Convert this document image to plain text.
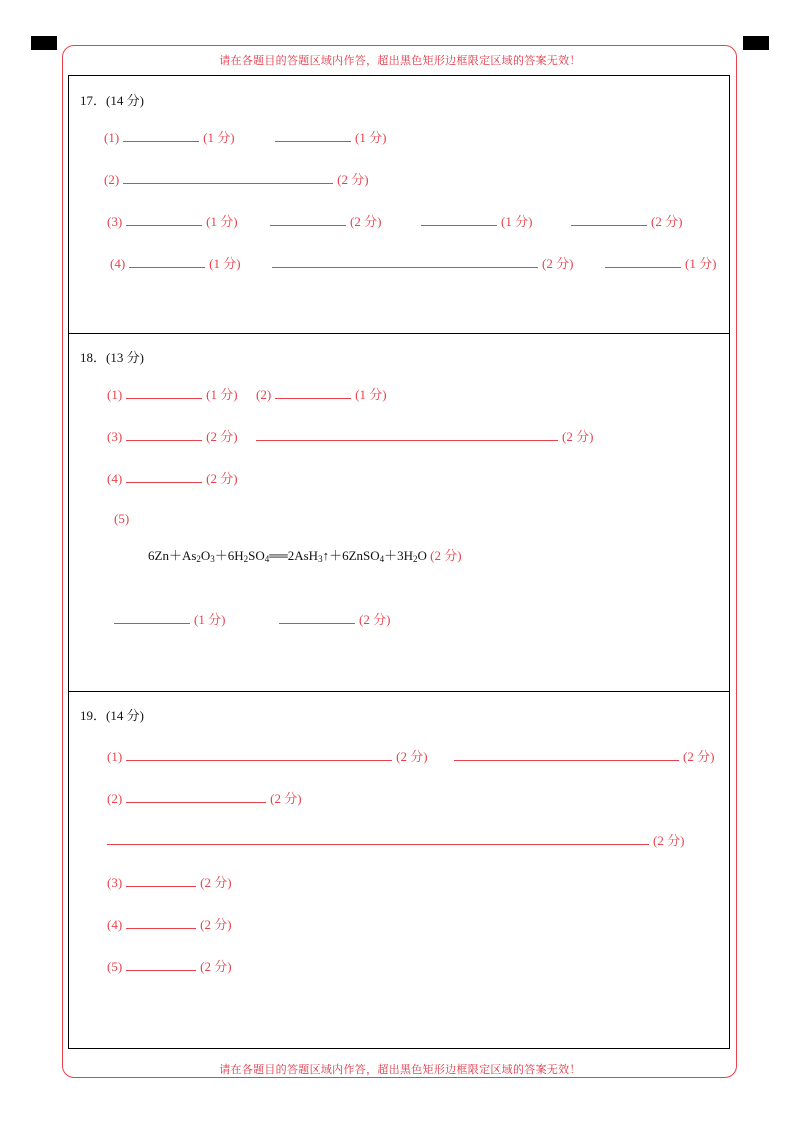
请在各题目的答题区域内作答，超出黑色矩形边框限定区域的答案无效！
请在各题目的答题区域内作答，超出黑色矩形边框限定区域的答案无效！
17．(14 分)
(1)	(1 分)	(1 分)
(2)	(2 分)
(3)	(1 分)	(2 分)	(1 分)	(2 分)
(4)	(1 分)	(2 分)	(1 分)
18．(13 分)
(1)	(1 分) (2)	(1 分)
(3)	(2 分)	(2 分)
(4)	(2 分)
(5)
$6Zn+As_2O_3+6H_2SO_4══2AsH_3↑+6ZnSO_4+3H_2O$ (2 分)
(1 分)	(2 分)
19．(14 分)
(1)	(2 分)	(2 分)
(2)	(2 分)
(2 分)
(3)	(2 分)
(4)	(2 分)
(5)	(2 分)
